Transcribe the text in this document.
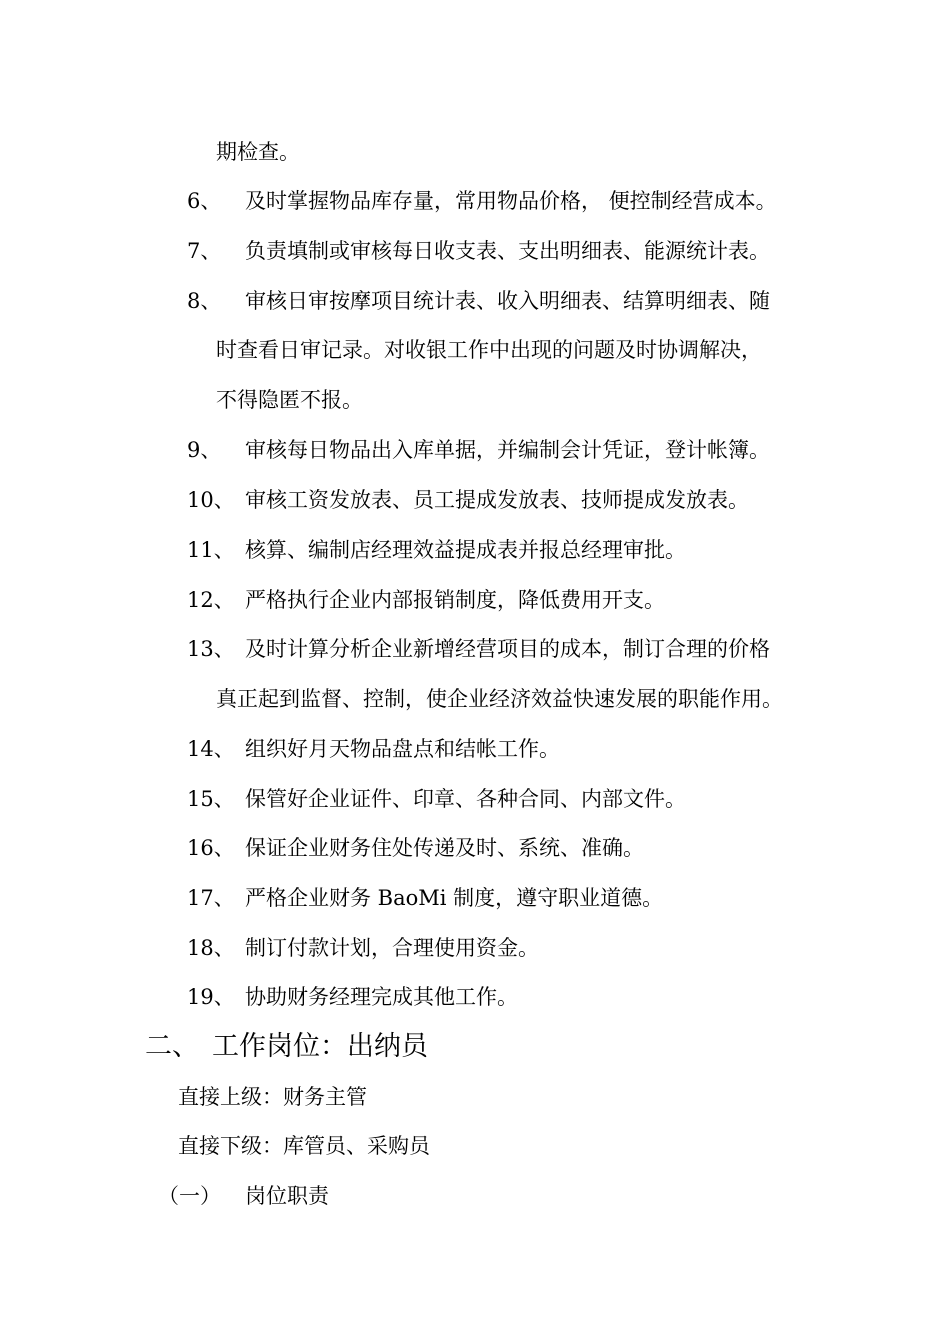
期检查。
6、 及时掌握物品库存量，常用物品价格， 便控制经营成本。
7、 负责填制或审核每日收支表、支出明细表、能源统计表。
8、 审核日审按摩项目统计表、收入明细表、结算明细表、随
时查看日审记录。对收银工作中出现的问题及时协调解决，
不得隐匿不报。
9、 审核每日物品出入库单据，并编制会计凭证，登计帐簿。
10、 审核工资发放表、员工提成发放表、技师提成发放表。
11、 核算、编制店经理效益提成表并报总经理审批。
12、 严格执行企业内部报销制度，降低费用开支。
13、 及时计算分析企业新增经营项目的成本，制订合理的价格
真正起到监督、控制，使企业经济效益快速发展的职能作用。
14、 组织好月天物品盘点和结帐工作。
15、 保管好企业证件、印章、各种合同、内部文件。
16、 保证企业财务住处传递及时、系统、准确。
17、 严格企业财务 BaoMi 制度，遵守职业道德。
18、 制订付款计划，合理使用资金。
19、 协助财务经理完成其他工作。
二、 工作岗位：出纳员
直接上级：财务主管
直接下级：库管员、采购员
（一） 岗位职责
